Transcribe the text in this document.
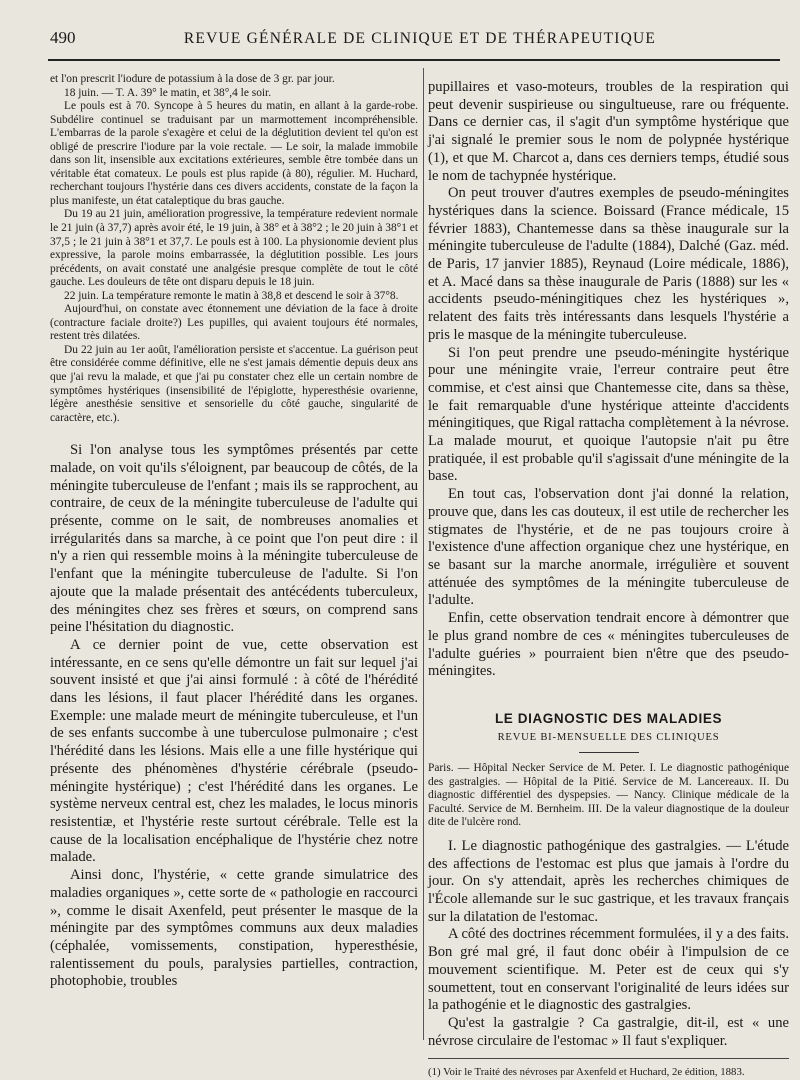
490	REVUE GÉNÉRALE DE CLINIQUE ET DE THÉRAPEUTIQUE

et l'on prescrit l'iodure de potassium à la dose de 3 gr. par jour.

18 juin. — T. A. 39° le matin, et 38°,4 le soir.

Le pouls est à 70. Syncope à 5 heures du matin, en allant à la garde-robe. Subdélire continuel se traduisant par un marmottement incompréhensible. L'embarras de la parole s'exagère et celui de la déglutition devient tel qu'on est obligé de prescrire l'iodure par la voie rectale. — Le soir, la malade immobile dans son lit, insensible aux excitations extérieures, semble être tombée dans un véritable état comateux. Le pouls est plus rapide (à 80), régulier. M. Huchard, recherchant toujours l'hystérie dans ces divers accidents, constate de la façon la plus manifeste, un état cataleptique du bras gauche.

Du 19 au 21 juin, amélioration progressive, la température redevient normale le 21 juin (à 37,7) après avoir été, le 19 juin, à 38° et à 38°2 ; le 20 juin à 38°1 et 37,5 ; le 21 juin à 38°1 et 37,7. Le pouls est à 100. La physionomie devient plus expressive, la parole moins embarrassée, la déglutition possible. Les jours précédents, on avait constaté une analgésie presque complète de tout le côté gauche. Les douleurs de tête ont disparu depuis le 18 juin.

22 juin. La température remonte le matin à 38,8 et descend le soir à 37°8.

Aujourd'hui, on constate avec étonnement une déviation de la face à droite (contracture faciale droite?) Les pupilles, qui avaient toujours été normales, restent très dilatées.

Du 22 juin au 1er août, l'amélioration persiste et s'accentue. La guérison peut être considérée comme définitive, elle ne s'est jamais démentie depuis deux ans que j'ai revu la malade, et que j'ai pu constater chez elle un certain nombre de symptômes hystériques (insensibilité de l'épiglotte, hyperesthésie ovarienne, légère anesthésie sensitive et sensorielle du côté gauche, singularité de caractère, etc.).

Si l'on analyse tous les symptômes présentés par cette malade, on voit qu'ils s'éloignent, par beaucoup de côtés, de la méningite tuberculeuse de l'enfant ; mais ils se rapprochent, au contraire, de ceux de la méningite tuberculeuse de l'adulte qui présente, comme on le sait, de nombreuses anomalies et irrégularités dans sa marche, à ce point que l'on peut dire : il n'y a rien qui ressemble moins à la méningite tuberculeuse de l'enfant que la méningite tuberculeuse de l'adulte. Si l'on ajoute que la malade présentait des antécédents tuberculeux, des méningites chez ses frères et sœurs, on comprend sans peine l'hésitation du diagnostic.

A ce dernier point de vue, cette observation est intéressante, en ce sens qu'elle démontre un fait sur lequel j'ai souvent insisté et que j'ai ainsi formulé : à côté de l'hérédité dans les lésions, il faut placer l'hérédité dans les organes. Exemple: une malade meurt de méningite tuberculeuse, et l'un de ses enfants succombe à une tuberculose pulmonaire ; c'est l'hérédité dans les lésions. Mais elle a une fille hystérique qui présente des phénomènes d'hystérie cérébrale (pseudo-méningite hystérique) ; c'est l'hérédité dans les organes. Le système nerveux central est, chez les malades, le locus minoris resistentiæ, et l'hystérie reste surtout cérébrale. Telle est la cause de la localisation encéphalique de l'hystérie chez notre malade.

Ainsi donc, l'hystérie, « cette grande simulatrice des maladies organiques », cette sorte de « pathologie en raccourci », comme le disait Axenfeld, peut présenter le masque de la méningite par des symptômes communs aux deux maladies (céphalée, vomissements, constipation, hyperesthésie, ralentissement du pouls, paralysies partielles, contraction, photophobie, troubles

pupillaires et vaso-moteurs, troubles de la respiration qui peut devenir suspirieuse ou singultueuse, rare ou fréquente. Dans ce dernier cas, il s'agit d'un symptôme hystérique que j'ai signalé le premier sous le nom de polypnée hystérique (1), et que M. Charcot a, dans ces derniers temps, étudié sous le nom de tachypnée hystérique.

On peut trouver d'autres exemples de pseudo-méningites hystériques dans la science. Boissard (France médicale, 15 février 1883), Chantemesse dans sa thèse inaugurale sur la méningite tuberculeuse de l'adulte (1884), Dalché (Gaz. méd. de Paris, 17 janvier 1885), Reynaud (Loire médicale, 1886), et A. Macé dans sa thèse inaugurale de Paris (1888) sur les « accidents pseudo-méningitiques chez les hystériques », relatent des faits très intéressants dans lesquels l'hystérie a pris le masque de la méningite tuberculeuse.

Si l'on peut prendre une pseudo-méningite hystérique pour une méningite vraie, l'erreur contraire peut être commise, et c'est ainsi que Chantemesse cite, dans sa thèse, le fait remarquable d'une hystérique atteinte d'accidents méningitiques, que Rigal rattacha complètement à la névrose. La malade mourut, et quoique l'autopsie n'ait pu être pratiquée, il est probable qu'il s'agissait d'une méningite de la base.

En tout cas, l'observation dont j'ai donné la relation, prouve que, dans les cas douteux, il est utile de rechercher les stigmates de l'hystérie, et de ne pas toujours croire à l'existence d'une affection organique chez une hystérique, en se basant sur la marche anormale, irrégulière et souvent atténuée des symptômes de la méningite tuberculeuse de l'adulte.

Enfin, cette observation tendrait encore à démontrer que le plus grand nombre de ces « méningites tuberculeuses de l'adulte guéries » pourraient bien n'être que des pseudo-méningites.

LE DIAGNOSTIC DES MALADIES
REVUE BI-MENSUELLE DES CLINIQUES

Paris. — Hôpital Necker Service de M. Peter. I. Le diagnostic pathogénique des gastralgies. — Hôpital de la Pitié. Service de M. Lancereaux. II. Du diagnostic différentiel des dyspepsies. — Nancy. Clinique médicale de la Faculté. Service de M. Bernheim. III. De la valeur diagnostique de la douleur dite de l'ulcère rond.

I. Le diagnostic pathogénique des gastralgies. — L'étude des affections de l'estomac est plus que jamais à l'ordre du jour. On s'y attendait, après les recherches chimiques de l'École allemande sur le suc gastrique, et les travaux français sur la dilatation de l'estomac.

A côté des doctrines récemment formulées, il y a des faits. Bon gré mal gré, il faut donc obéir à l'impulsion de ce mouvement scientifique. M. Peter est de ceux qui s'y soumettent, tout en conservant l'originalité de leurs idées sur la pathogénie et le diagnostic des gastralgies.

Qu'est la gastralgie ? Ca gastralgie, dit-il, est « une névrose circulaire de l'estomac » Il faut s'expliquer.

(1) Voir le Traité des névroses par Axenfeld et Huchard, 2e édition, 1883.
